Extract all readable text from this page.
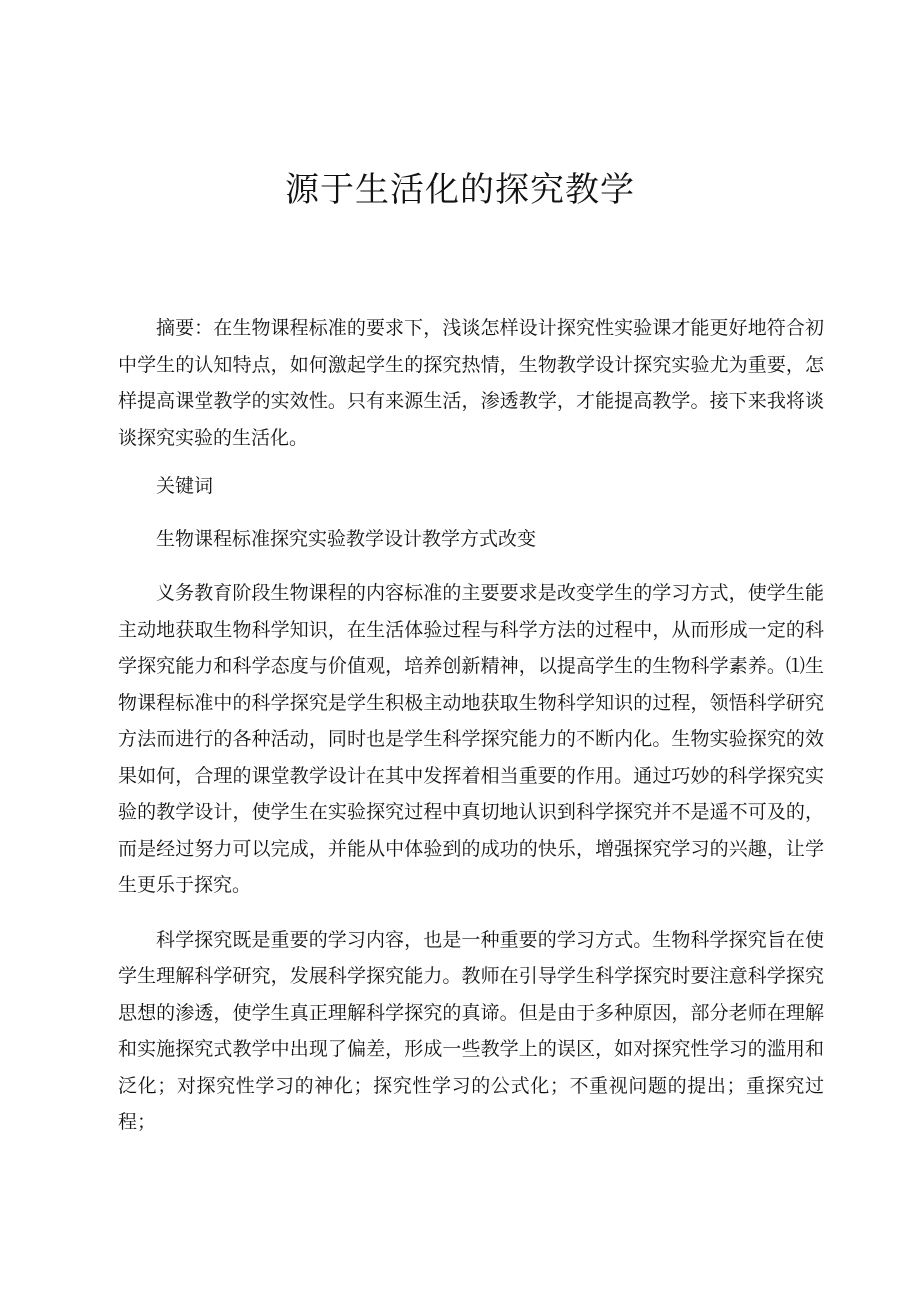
源于生活化的探究教学

摘要：在生物课程标准的要求下，浅谈怎样设计探究性实验课才能更好地符合初中学生的认知特点，如何激起学生的探究热情，生物教学设计探究实验尤为重要，怎样提高课堂教学的实效性。只有来源生活，渗透教学，才能提高教学。接下来我将谈谈探究实验的生活化。

关键词

生物课程标准探究实验教学设计教学方式改变

义务教育阶段生物课程的内容标准的主要要求是改变学生的学习方式，使学生能主动地获取生物科学知识，在生活体验过程与科学方法的过程中，从而形成一定的科学探究能力和科学态度与价值观，培养创新精神，以提高学生的生物科学素养。⑴生物课程标准中的科学探究是学生积极主动地获取生物科学知识的过程，领悟科学研究方法而进行的各种活动，同时也是学生科学探究能力的不断内化。生物实验探究的效果如何，合理的课堂教学设计在其中发挥着相当重要的作用。通过巧妙的科学探究实验的教学设计，使学生在实验探究过程中真切地认识到科学探究并不是遥不可及的，而是经过努力可以完成，并能从中体验到的成功的快乐，增强探究学习的兴趣，让学生更乐于探究。

科学探究既是重要的学习内容，也是一种重要的学习方式。生物科学探究旨在使学生理解科学研究，发展科学探究能力。教师在引导学生科学探究时要注意科学探究思想的渗透，使学生真正理解科学探究的真谛。但是由于多种原因，部分老师在理解和实施探究式教学中出现了偏差，形成一些教学上的误区，如对探究性学习的滥用和泛化；对探究性学习的神化；探究性学习的公式化；不重视问题的提出；重探究过程；
